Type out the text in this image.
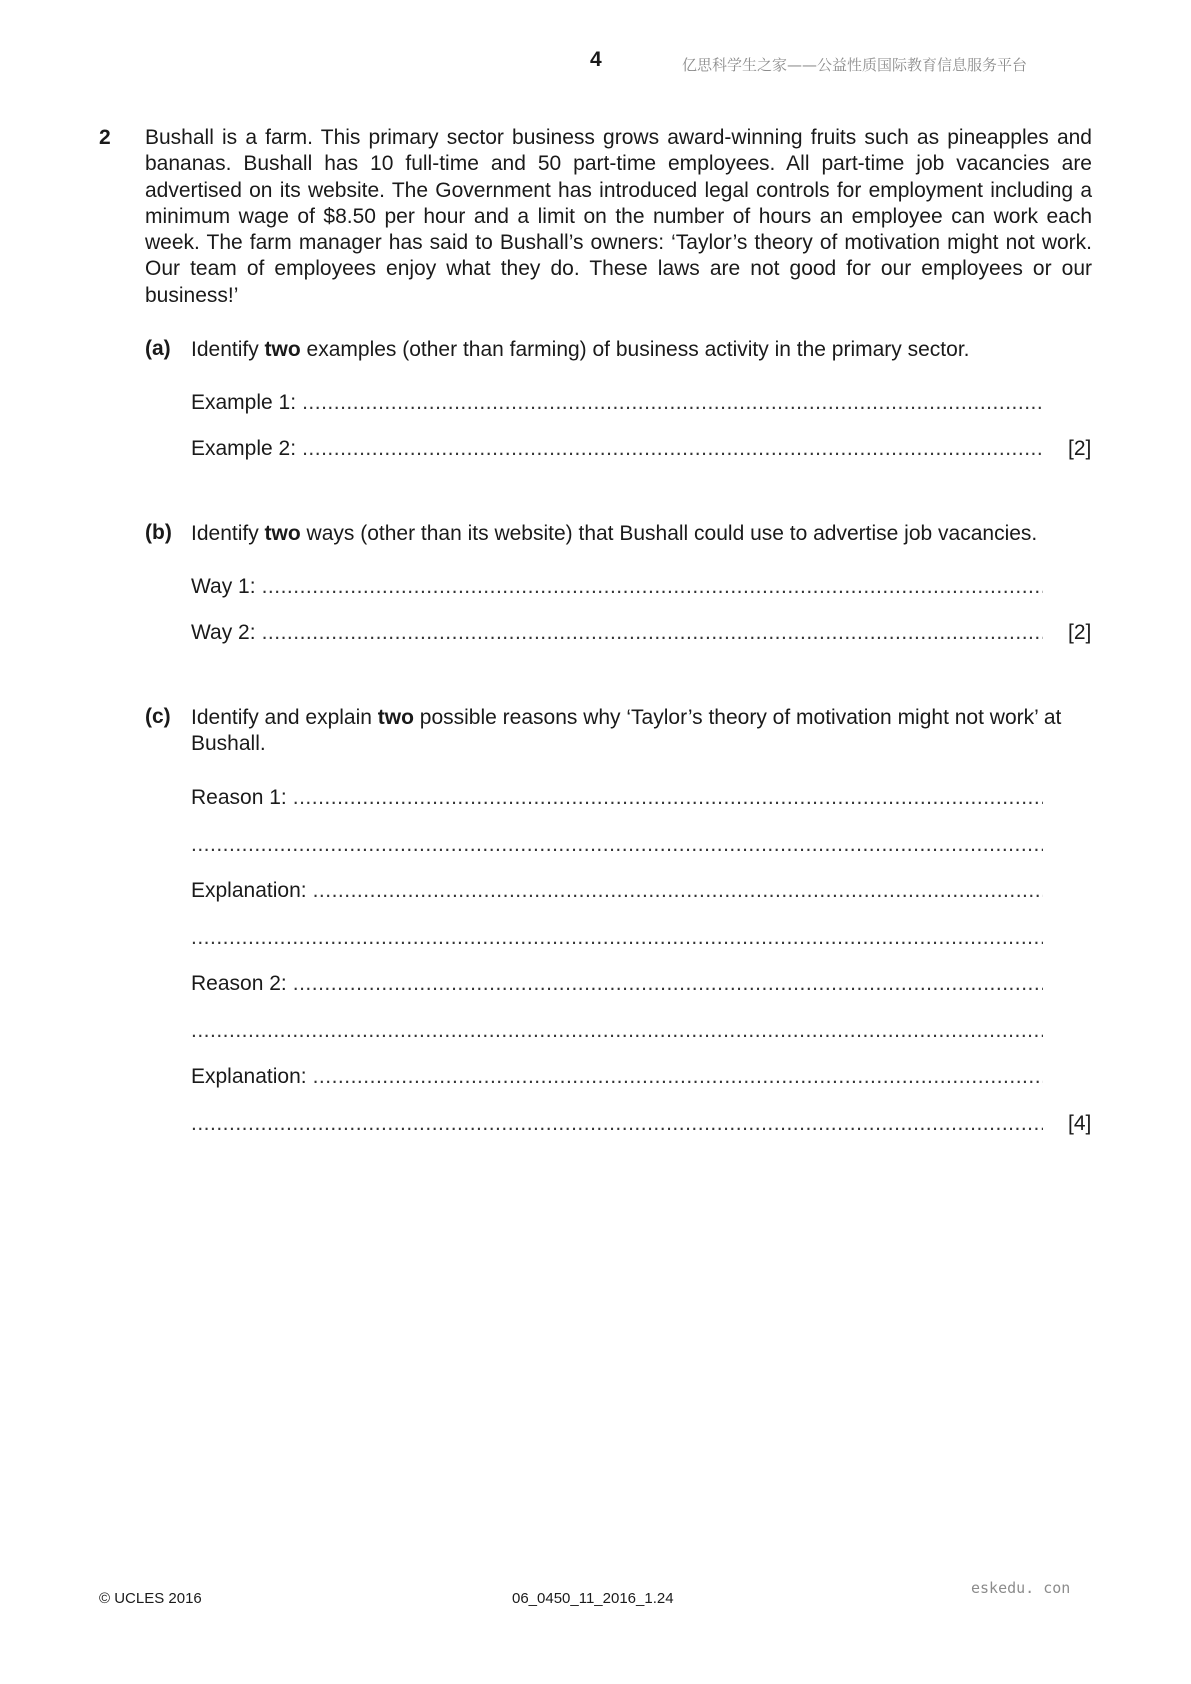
4	亿思科学生之家——公益性质国际教育信息服务平台
2 Bushall is a farm. This primary sector business grows award-winning fruits such as pineapples and bananas. Bushall has 10 full-time and 50 part-time employees. All part-time job vacancies are advertised on its website. The Government has introduced legal controls for employment including a minimum wage of $8.50 per hour and a limit on the number of hours an employee can work each week. The farm manager has said to Bushall’s owners: ‘Taylor’s theory of motivation might not work. Our team of employees enjoy what they do. These laws are not good for our employees or our business!’
(a) Identify two examples (other than farming) of business activity in the primary sector.
Example 1:
.....
Example 2: .....	[2]
(b) Identify two ways (other than its website) that Bushall could use to advertise job vacancies.
Way 1:
.....
Way 2: .....	[2]
(c) Identify and explain two possible reasons why ‘Taylor’s theory of motivation might not work’ at Bushall.
Reason 1:
.....
.....
Explanation:
.....
.....
Reason 2:
.....
.....
Explanation:
.....
.....
[4]
eskedu. con
© UCLES 2016	06_0450_11_2016_1.24
